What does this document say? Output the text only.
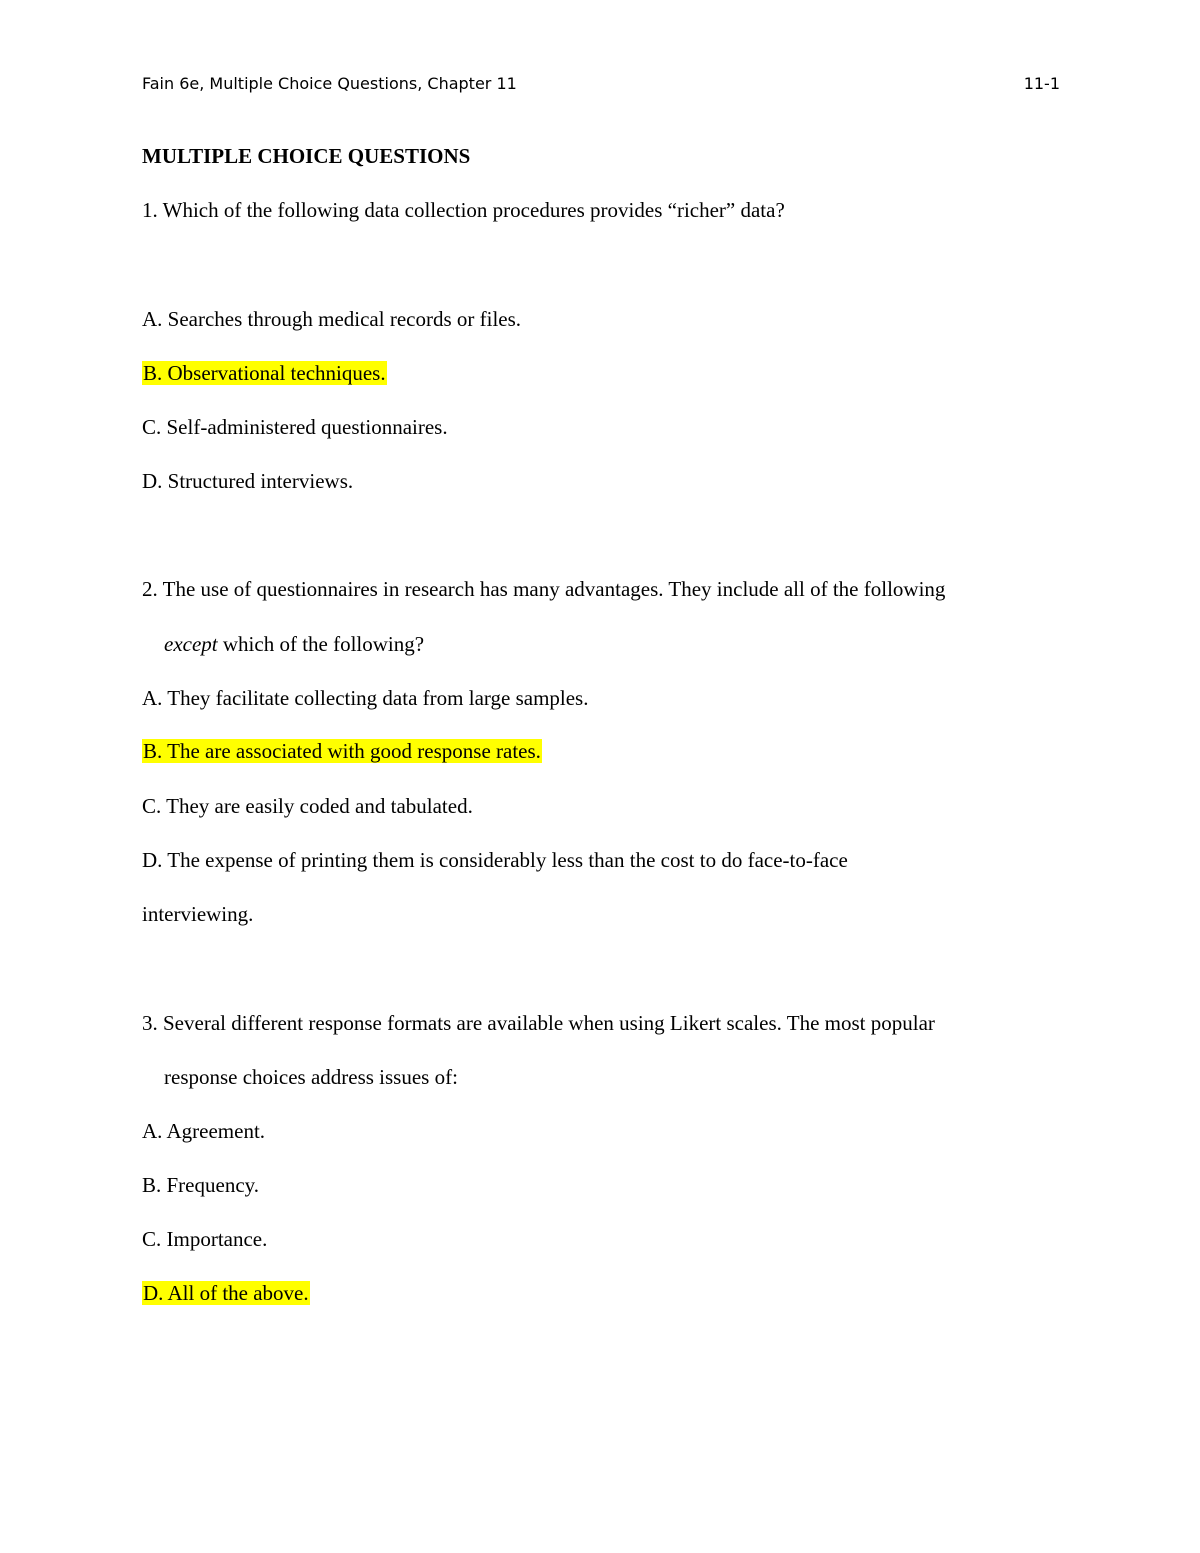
Fain 6e, Multiple Choice Questions, Chapter 11	11-1
MULTIPLE CHOICE QUESTIONS
1. Which of the following data collection procedures provides “richer” data?
A. Searches through medical records or files.
B. Observational techniques.
C. Self-administered questionnaires.
D. Structured interviews.
2. The use of questionnaires in research has many advantages. They include all of the following
except which of the following?
A. They facilitate collecting data from large samples.
B. The are associated with good response rates.
C. They are easily coded and tabulated.
D. The expense of printing them is considerably less than the cost to do face-to-face
interviewing.
3. Several different response formats are available when using Likert scales. The most popular
response choices address issues of:
A. Agreement.
B. Frequency.
C. Importance.
D. All of the above.
